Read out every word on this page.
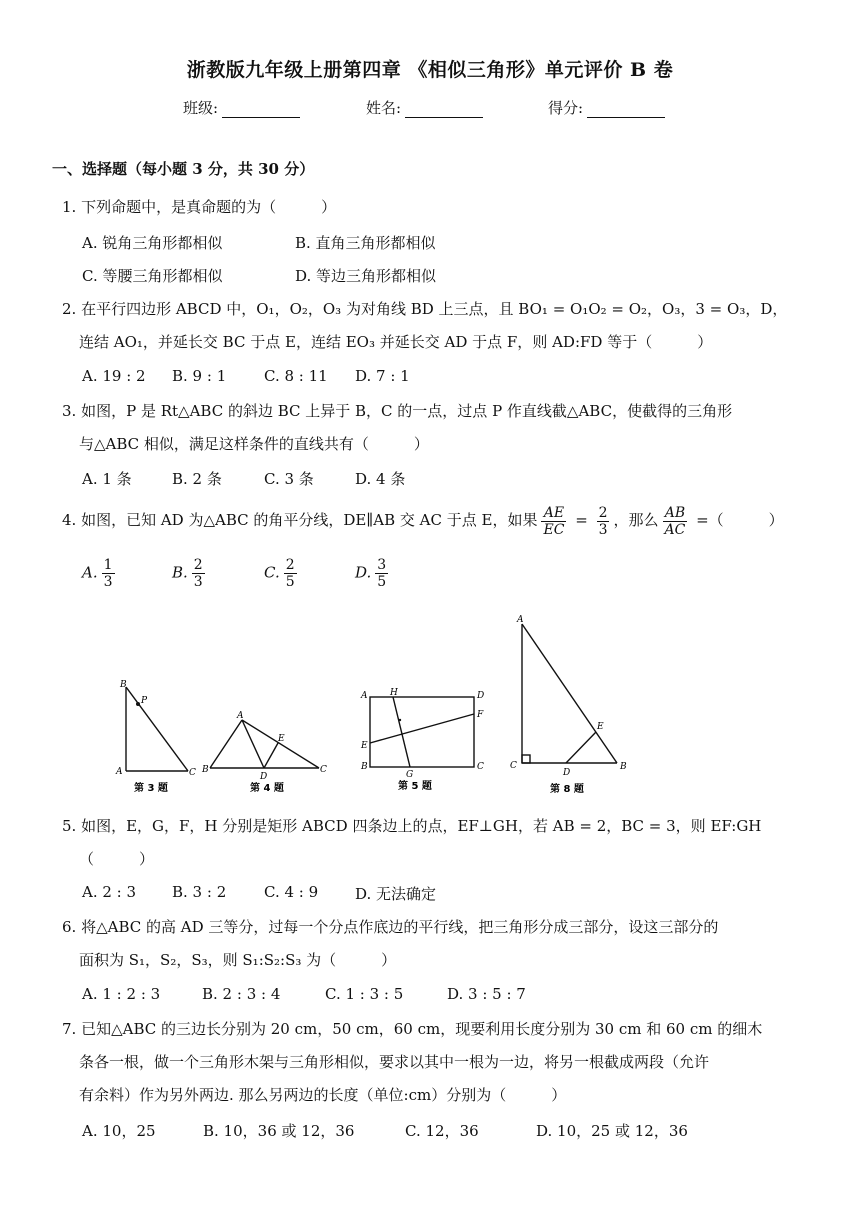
浙教版九年级上册第四章 《相似三角形》单元评价 B 卷
班级:	姓名:	得分:
一、选择题（每小题 3 分，共 30 分）
1. 下列命题中，是真命题的为（　　　）
A. 锐角三角形都相似	B. 直角三角形都相似
C. 等腰三角形都相似	D. 等边三角形都相似
2. 在平行四边形 ABCD 中，O₁，O₂，O₃ 为对角线 BD 上三点，且 BO₁ = O₁O₂ = O₂，O₃，3 = O₃，D，
连结 AO₁，并延长交 BC 于点 E，连结 EO₃ 并延长交 AD 于点 F，则 AD:FD 等于（　　　）
A. 19 : 2 B. 9 : 1	C. 8 : 11 D. 7 : 1
3. 如图，P 是 Rt△ABC 的斜边 BC 上异于 B，C 的一点，过点 P 作直线截△ABC，使截得的三角形
与△ABC 相似，满足这样条件的直线共有（　　　）
A. 1 条	B. 2 条	C. 3 条	D. 4 条
4. 如图，已知 AD 为△ABC 的角平分线，DE∥AB 交 AC 于点 E，如果 $\frac{AE}{EC} = \frac{2}{3}$ ，那么 $\frac{AB}{AC}$ =（　　　）
A. $\frac{1}{3}$	B. $\frac{2}{3}$	C. $\frac{2}{5}$	D. $\frac{3}{5}$
B
P
A	C
第 3 题
A
E
B
D
C
第 4 题
A	H	D
F
E
B
G
C
第 5 题
A
E
C
D
B
第 8 题
5. 如图，E，G，F，H 分别是矩形 ABCD 四条边上的点，EF⊥GH，若 AB = 2，BC = 3，则 EF:GH
（　　　）
A. 2 : 3 B. 3 : 2	C. 4 : 9 D. 无法确定
6. 将△ABC 的高 AD 三等分，过每一个分点作底边的平行线，把三角形分成三部分，设这三部分的
面积为 S₁，S₂，S₃，则 S₁:S₂:S₃ 为（　　　）
A. 1 : 2 : 3	B. 2 : 3 : 4	C. 1 : 3 : 5	D. 3 : 5 : 7
7. 已知△ABC 的三边长分别为 20 cm，50 cm，60 cm，现要利用长度分别为 30 cm 和 60 cm 的细木
条各一根，做一个三角形木架与三角形相似，要求以其中一根为一边，将另一根截成两段（允许
有余料）作为另外两边. 那么另两边的长度（单位:cm）分别为（　　　）
A. 10，25	B. 10，36 或 12，36	C. 12，36	D. 10，25 或 12，36
